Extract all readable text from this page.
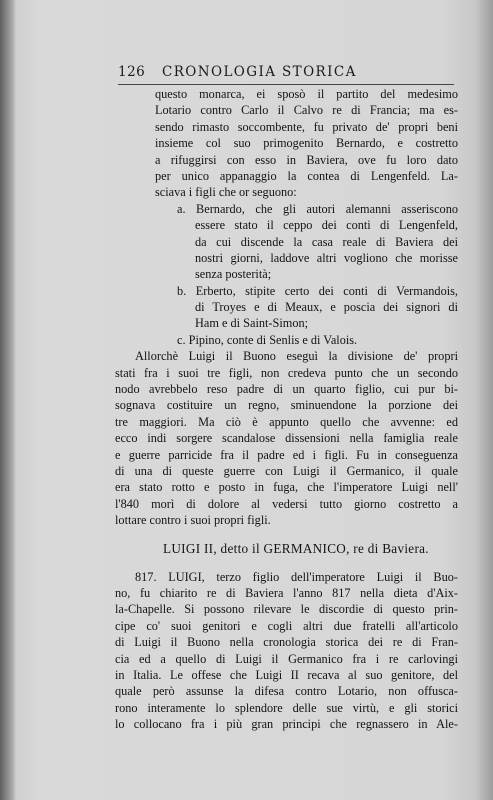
126 CRONOLOGIA STORICA
questo monarca, ei sposò il partito del medesimo
Lotario contro Carlo il Calvo re di Francia; ma es-
sendo rimasto soccombente, fu privato de' propri beni
insieme col suo primogenito Bernardo, e costretto
a rifuggirsi con esso in Baviera, ove fu loro dato
per unico appanaggio la contea di Lengenfeld. La-
sciava i figli che or seguono:
a. Bernardo, che gli autori alemanni asseriscono
essere stato il ceppo dei conti di Lengenfeld,
da cui discende la casa reale di Baviera dei
nostri giorni, laddove altri vogliono che morisse
senza posterità;
b. Erberto, stipite certo dei conti di Vermandois,
di Troyes e di Meaux, e poscia dei signori di
Ham e di Saint-Simon;
c. Pipino, conte di Senlis e di Valois.
Allorchè Luigi il Buono eseguì la divisione de' propri
stati fra i suoi tre figli, non credeva punto che un secondo
nodo avrebbelo reso padre di un quarto figlio, cui pur bi-
sognava costituire un regno, sminuendone la porzione dei
tre maggiori. Ma ciò è appunto quello che avvenne: ed
ecco indi sorgere scandalose dissensioni nella famiglia reale
e guerre parricide fra il padre ed i figli. Fu in conseguenza
di una di queste guerre con Luigi il Germanico, il quale
era stato rotto e posto in fuga, che l'imperatore Luigi nell'
l'840 morì di dolore al vedersi tutto giorno costretto a
lottare contro i suoi propri figli.
LUIGI II, detto il GERMANICO, re di Baviera.
817. LUIGI, terzo figlio dell'imperatore Luigi il Buo-
no, fu chiarito re di Baviera l'anno 817 nella dieta d'Aix-
la-Chapelle. Si possono rilevare le discordie di questo prin-
cipe co' suoi genitori e cogli altri due fratelli all'articolo
di Luigi il Buono nella cronologia storica dei re di Fran-
cia ed a quello di Luigi il Germanico fra i re carlovingi
in Italia. Le offese che Luigi II recava al suo genitore, del
quale però assunse la difesa contro Lotario, non offusca-
rono interamente lo splendore delle sue virtù, e gli storici
lo collocano fra i più gran principi che regnassero in Ale-
